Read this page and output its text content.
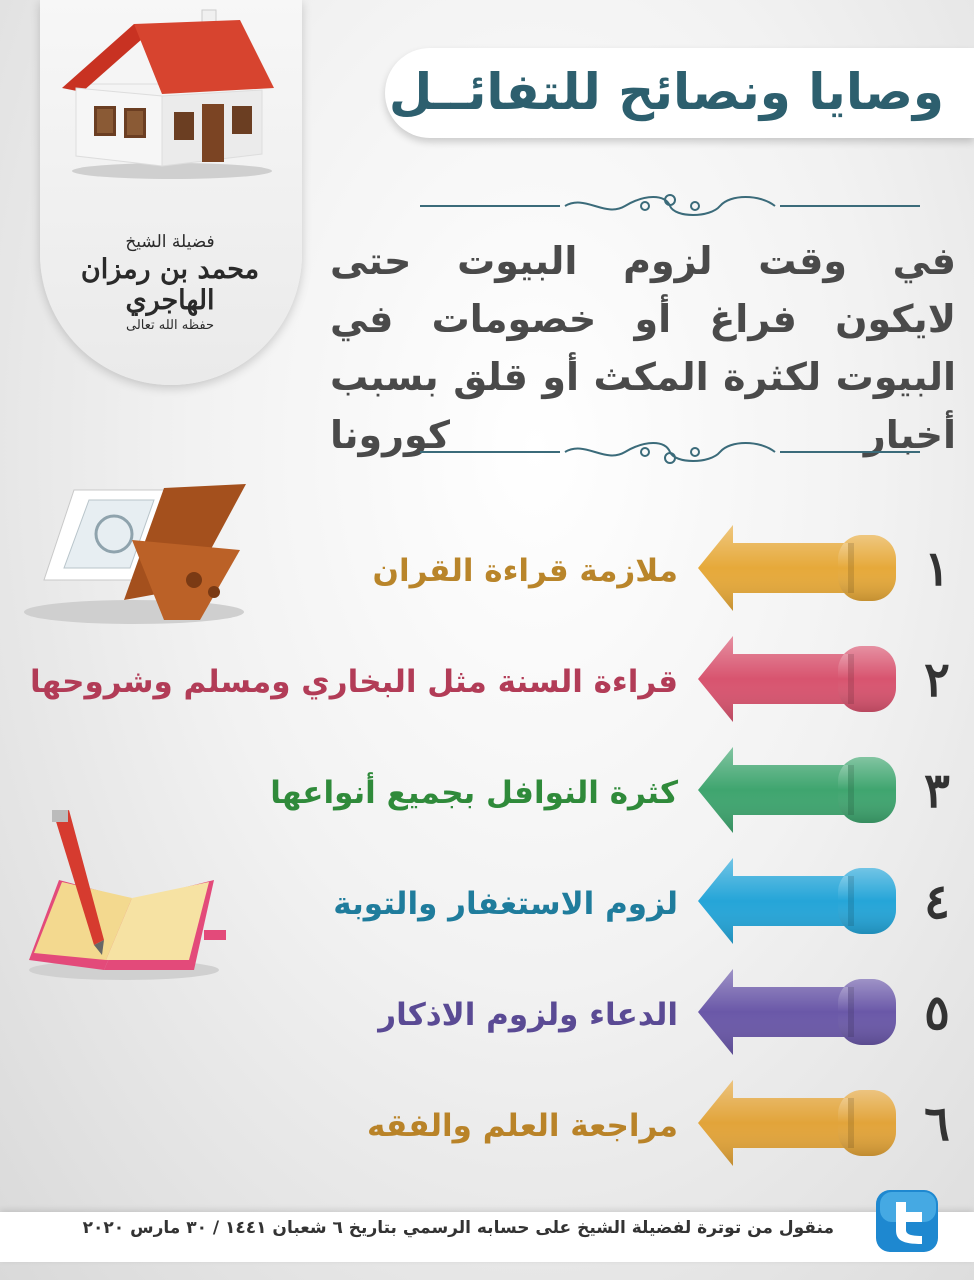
فضيلة الشيخ
محمد بن رمزان الهاجري
حفظه الله تعالى
وصايا ونصائح للتفائــل
في وقت لزوم البيوت حتى لايكون فراغ أو خصومات في البيوت لكثرة المكث أو قلق بسبب أخبار كورونا
١
ملازمة قراءة القران
٢
قراءة السنة مثل البخاري ومسلم وشروحها
٣
كثرة النوافل بجميع أنواعها
٤
لزوم الاستغفار والتوبة
٥
الدعاء ولزوم الاذكار
٦
مراجعة العلم والفقه
منقول من توترة لفضيلة الشيخ على حسابه الرسمي بتاريخ ٦ شعبان ١٤٤١ / ٣٠ مارس ٢٠٢٠
